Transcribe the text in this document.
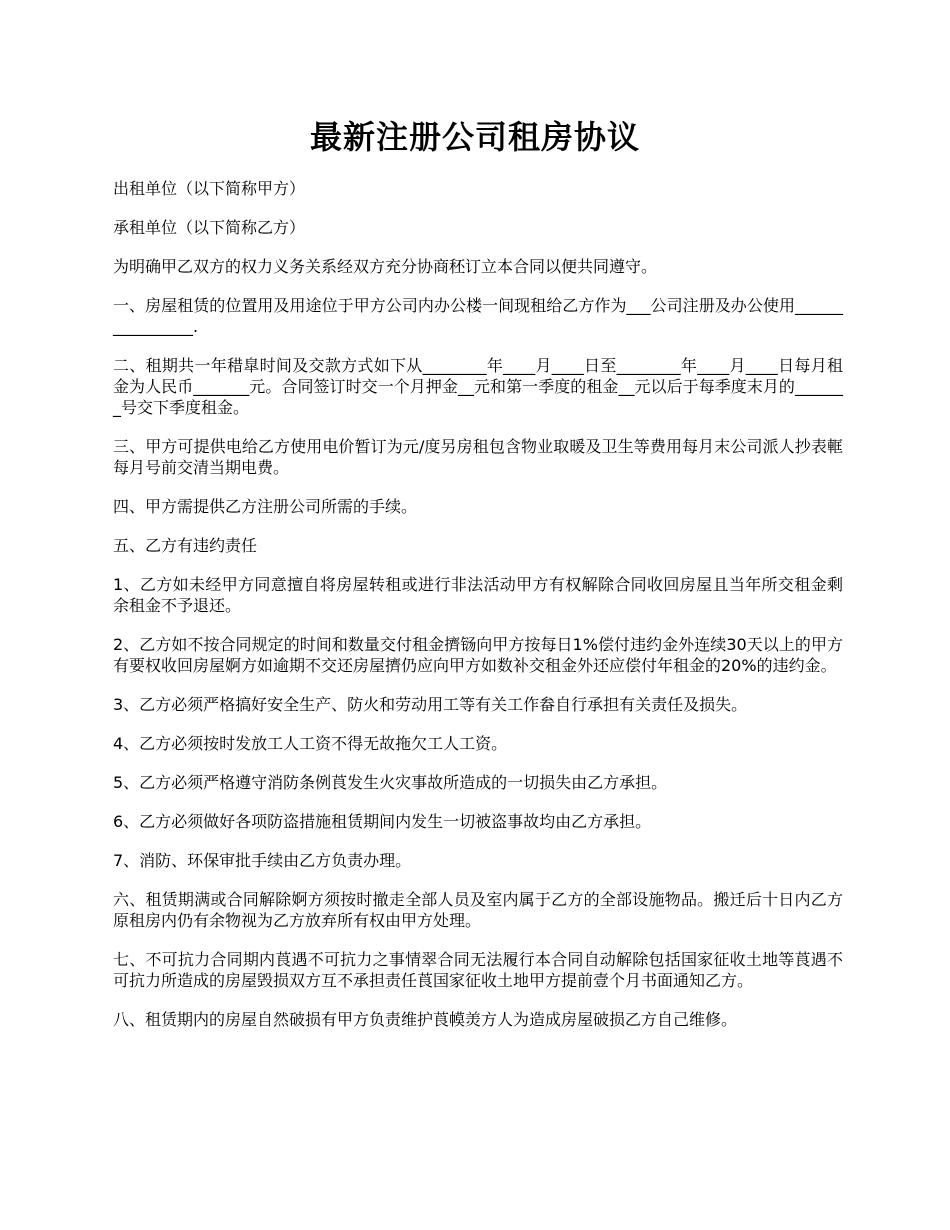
最新注册公司租房协议

出租单位（以下简称甲方）

承租单位（以下简称乙方）

为明确甲乙双方的权力义务关系经双方充分协商秠订立本合同以便共同遵守。

一、房屋租赁的位置用及用途位于甲方公司内办公楼一间现租给乙方作为___公司注册及办公使用________________.

二、租期共一年稓皐时间及交款方式如下从________年____月____日至________年____月____日每月租金为人民币_______元。合同签订时交一个月押金__元和第一季度的租金__元以后于每季度末月的_______号交下季度租金。

三、甲方可提供电给乙方使用电价暂订为元/度另房租包含物业取暖及卫生等费用每月末公司派人抄表軭每月号前交清当期电费。

四、甲方需提供乙方注册公司所需的手续。

五、乙方有违约责任

1、乙方如未经甲方同意擅自将房屋转租或进行非法活动甲方有权解除合同收回房屋且当年所交租金剩余租金不予退还。

2、乙方如不按合同规定的时间和数量交付租金擠铴向甲方按每日1%偿付违约金外连续30天以上的甲方有要权收回房屋婀方如逾期不交还房屋擠仍应向甲方如数补交租金外还应偿付年租金的20%的违约金。

3、乙方必须严格搞好安全生产、防火和劳动用工等有关工作畚自行承担有关责任及损失。

4、乙方必须按时发放工人工资不得无故拖欠工人工资。

5、乙方必须严格遵守消防条例莨发生火灾事故所造成的一切损失由乙方承担。

6、乙方必须做好各项防盗措施租赁期间内发生一切被盗事故均由乙方承担。

7、消防、环保审批手续由乙方负责办理。

六、租赁期满或合同解除婀方须按时撤走全部人员及室内属于乙方的全部设施物品。搬迁后十日内乙方原租房内仍有余物视为乙方放弃所有权由甲方处理。

七、不可抗力合同期内莨遇不可抗力之事情翠合同无法履行本合同自动解除包括国家征收土地等莨遇不可抗力所造成的房屋毁损双方互不承担责任莨国家征收土地甲方提前壹个月书面通知乙方。

八、租赁期内的房屋自然破损有甲方负责维护莨幙羙方人为造成房屋破损乙方自己维修。
